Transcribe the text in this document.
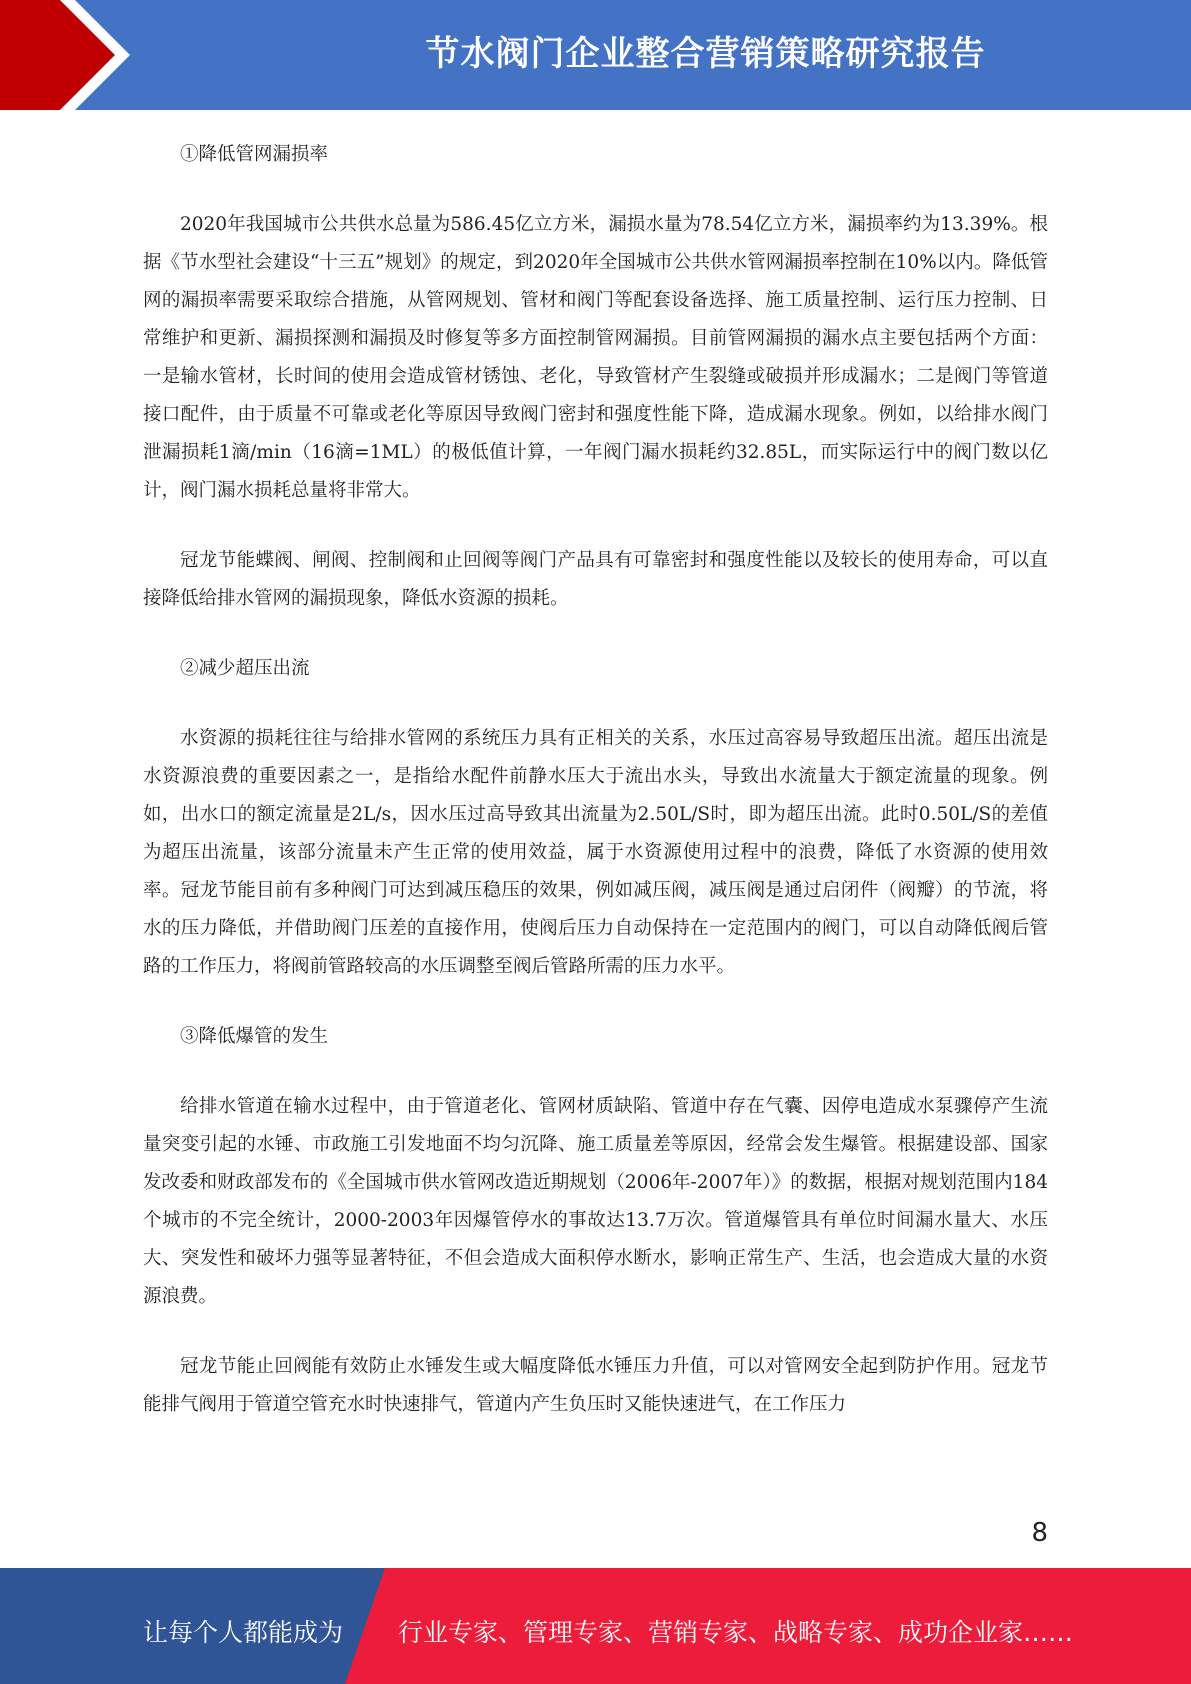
节水阀门企业整合营销策略研究报告

①降低管网漏损率

2020年我国城市公共供水总量为586.45亿立方米，漏损水量为78.54亿立方米，漏损率约为13.39%。根据《节水型社会建设“十三五”规划》的规定，到2020年全国城市公共供水管网漏损率控制在10%以内。降低管网的漏损率需要采取综合措施，从管网规划、管材和阀门等配套设备选择、施工质量控制、运行压力控制、日常维护和更新、漏损探测和漏损及时修复等多方面控制管网漏损。目前管网漏损的漏水点主要包括两个方面：一是输水管材，长时间的使用会造成管材锈蚀、老化，导致管材产生裂缝或破损并形成漏水；二是阀门等管道接口配件，由于质量不可靠或老化等原因导致阀门密封和强度性能下降，造成漏水现象。例如，以给排水阀门泄漏损耗1滴/min（16滴=1ML）的极低值计算，一年阀门漏水损耗约32.85L，而实际运行中的阀门数以亿计，阀门漏水损耗总量将非常大。

冠龙节能蝶阀、闸阀、控制阀和止回阀等阀门产品具有可靠密封和强度性能以及较长的使用寿命，可以直接降低给排水管网的漏损现象，降低水资源的损耗。

②减少超压出流

水资源的损耗往往与给排水管网的系统压力具有正相关的关系，水压过高容易导致超压出流。超压出流是水资源浪费的重要因素之一，是指给水配件前静水压大于流出水头，导致出水流量大于额定流量的现象。例如，出水口的额定流量是2L/s，因水压过高导致其出流量为2.50L/S时，即为超压出流。此时0.50L/S的差值为超压出流量，该部分流量未产生正常的使用效益，属于水资源使用过程中的浪费，降低了水资源的使用效率。冠龙节能目前有多种阀门可达到减压稳压的效果，例如减压阀，减压阀是通过启闭件（阀瓣）的节流，将水的压力降低，并借助阀门压差的直接作用，使阀后压力自动保持在一定范围内的阀门，可以自动降低阀后管路的工作压力，将阀前管路较高的水压调整至阀后管路所需的压力水平。

③降低爆管的发生

给排水管道在输水过程中，由于管道老化、管网材质缺陷、管道中存在气囊、因停电造成水泵骤停产生流量突变引起的水锤、市政施工引发地面不均匀沉降、施工质量差等原因，经常会发生爆管。根据建设部、国家发改委和财政部发布的《全国城市供水管网改造近期规划（2006年-2007年）》的数据，根据对规划范围内184个城市的不完全统计，2000-2003年因爆管停水的事故达13.7万次。管道爆管具有单位时间漏水量大、水压大、突发性和破坏力强等显著特征，不但会造成大面积停水断水，影响正常生产、生活，也会造成大量的水资源浪费。

冠龙节能止回阀能有效防止水锤发生或大幅度降低水锤压力升值，可以对管网安全起到防护作用。冠龙节能排气阀用于管道空管充水时快速排气，管道内产生负压时又能快速进气，在工作压力

8
让每个人都能成为 行业专家、管理专家、营销专家、战略专家、成功企业家……
